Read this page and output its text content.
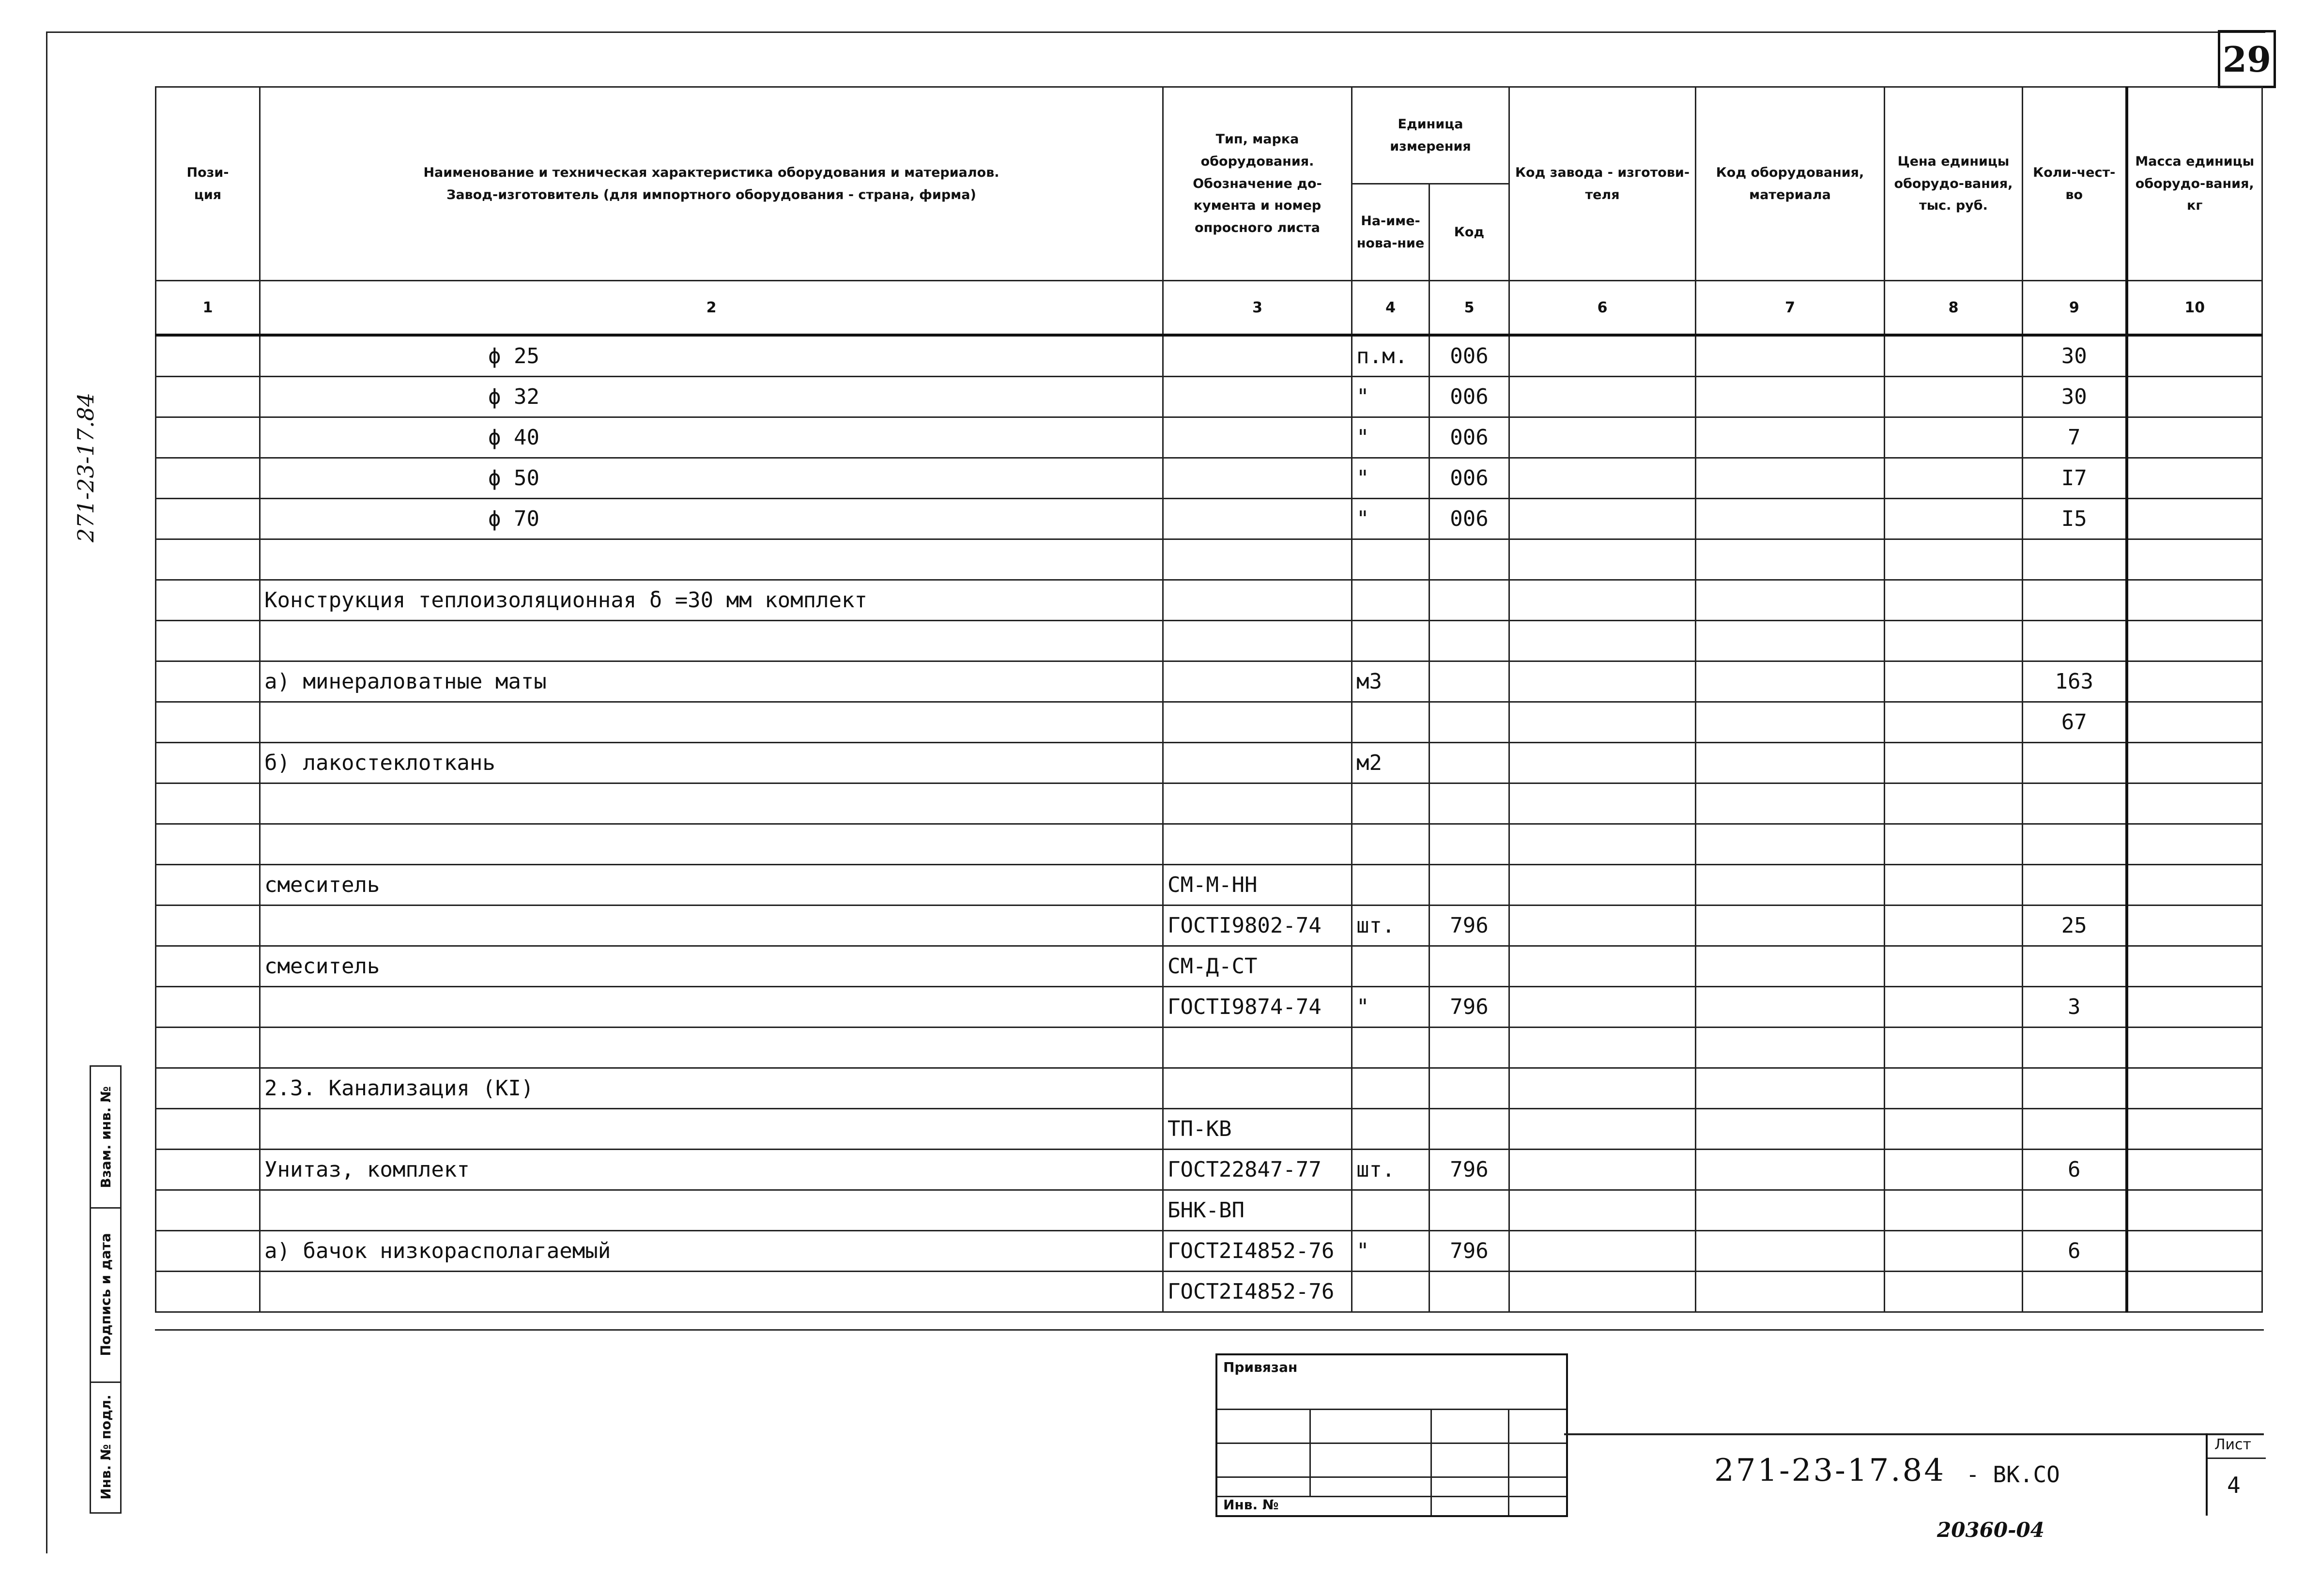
29
271-23-17.84
Пози-
ция	Наименование и техническая характеристика оборудования и материалов.
Завод-изготовитель (для импортного оборудования - страна, фирма)	Тип, марка оборудования. Обозначение до-кумента и номер опросного листа	Единица измерения		Код завода - изготови-теля	Код оборудования, материала	Цена единицы оборудо-вания, тыс. руб.	Коли-чест-во	Масса единицы оборудо-вания, кг
			На-име-нова-ние	Код					
1	2	3	4	5	6	7	8	9	10
	ϕ 25		п.м.	006				30	
	ϕ 32		"	006				30	
	ϕ 40		"	006				7	
	ϕ 50		"	006				I7	
	ϕ 70		"	006				I5	

	Конструкция теплоизоляционная δ =30 мм комплект								

	а) минераловатные маты		м3					163	
								67	
	б) лакостеклоткань		м2						

	смеситель	СМ-М-НН							
		ГОСТI9802-74	шт.	796				25	
	смеситель	СМ-Д-СТ							
		ГОСТI9874-74	"	796				3	

	2.3. Канализация (КI)								
		ТП-КВ							
	Унитаз, комплект	ГОСТ22847-77	шт.	796				6	
		БНК-ВП							
	а) бачок низкорасполагаемый	ГОСТ2I4852-76	"	796				6	
		ГОСТ2I4852-76							
Взам. инв. №
Подпись и дата
Инв. № подл.
Привязан
Инв. №
271-23-17.84 - ВК.СО
Лист
4
20360-04
